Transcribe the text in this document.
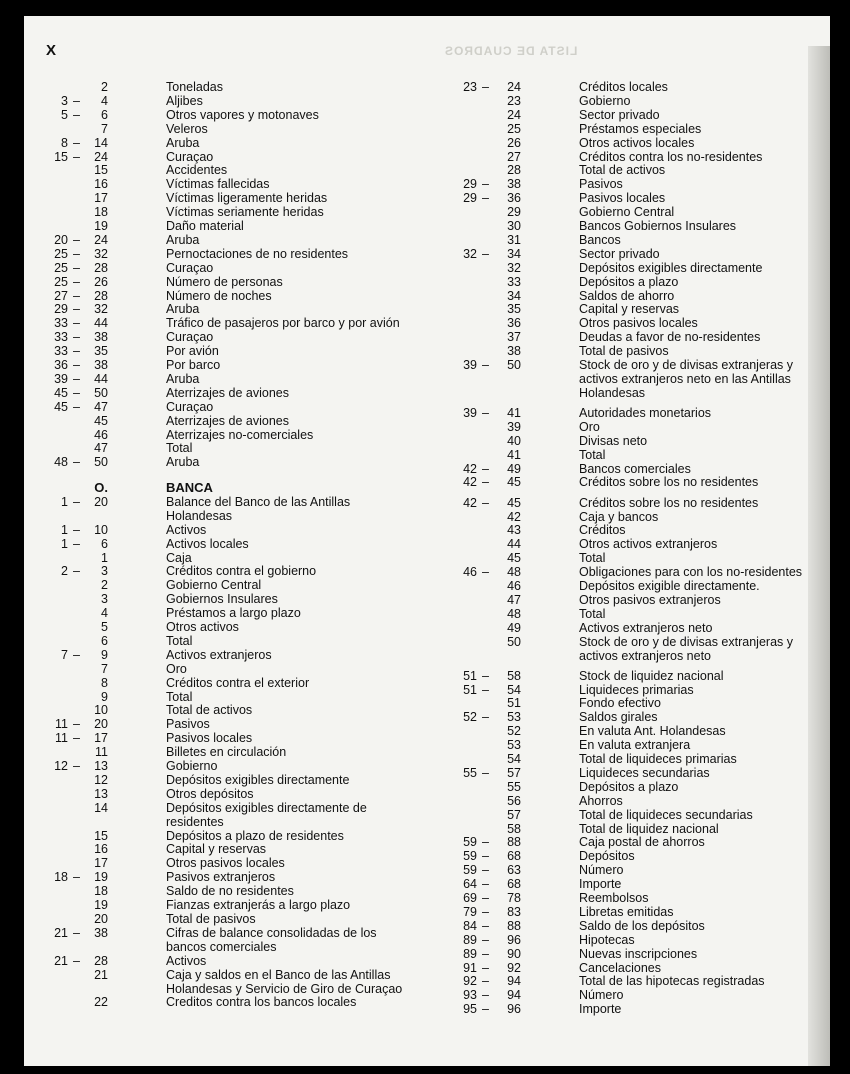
LISTA DE CUADROS
X
2	Toneladas
3 –	4	Aljibes
5 –	6	Otros vapores y motonaves
7	Veleros
8 –	14	Aruba
15 –	24	Curaçao
15	Accidentes
16	Víctimas fallecidas
17	Víctimas ligeramente heridas
18	Víctimas seriamente heridas
19	Daño material
20 –	24	Aruba
25 –	32	Pernoctaciones de no residentes
25 –	28	Curaçao
25 –	26	Número de personas
27 –	28	Número de noches
29 –	32	Aruba
33 –	44	Tráfico de pasajeros por barco y por avión
33 –	38	Curaçao
33 –	35	Por avión
36 –	38	Por barco
39 –	44	Aruba
45 –	50	Aterrizajes de aviones
45 –	47	Curaçao
45	Aterrizajes de aviones
46	Aterrizajes no-comerciales
47	Total
48 –	50	Aruba
O.	BANCA
1 –	20	Balance del Banco de las Antillas Holandesas
1 –	10	Activos
1 –	6	Activos locales
1	Caja
2 –	3	Créditos contra el gobierno
2	Gobierno Central
3	Gobiernos Insulares
4	Préstamos a largo plazo
5	Otros activos
6	Total
7 –	9	Activos extranjeros
7	Oro
8	Créditos contra el exterior
9	Total
10	Total de activos
11 –	20	Pasivos
11 –	17	Pasivos locales
11	Billetes en circulación
12 –	13	Gobierno
12	Depósitos exigibles directamente
13	Otros depósitos
14	Depósitos exigibles directamente de residentes
15	Depósitos a plazo de residentes
16	Capital y reservas
17	Otros pasivos locales
18 –	19	Pasivos extranjeros
18	Saldo de no residentes
19	Fianzas extranjerás a largo plazo
20	Total de pasivos
21 –	38	Cifras de balance consolidadas de los bancos comerciales
21 –	28	Activos
21	Caja y saldos en el Banco de las Antillas Holandesas y Servicio de Giro de Curaçao
22	Creditos contra los bancos locales
23 –	24	Créditos locales
23	Gobierno
24	Sector privado
25	Préstamos especiales
26	Otros activos locales
27	Créditos contra los no-residentes
28	Total de activos
29 –	38	Pasivos
29 –	36	Pasivos locales
29	Gobierno Central
30	Bancos Gobiernos Insulares
31	Bancos
32 –	34	Sector privado
32	Depósitos exigibles directamente
33	Depósitos a plazo
34	Saldos de ahorro
35	Capital y reservas
36	Otros pasivos locales
37	Deudas a favor de no-residentes
38	Total de pasivos
39 –	50	Stock de oro y de divisas extranjeras y activos extranjeros neto en las Antillas Holandesas
39 –	41	Autoridades monetarios
39	Oro
40	Divisas neto
41	Total
42 –	49	Bancos comerciales
42 –	45	Créditos sobre los no residentes
42 –	45	Créditos sobre los no residentes
42	Caja y bancos
43	Créditos
44	Otros activos extranjeros
45	Total
46 –	48	Obligaciones para con los no-residentes
46	Depósitos exigible directamente.
47	Otros pasivos extranjeros
48	Total
49	Activos extranjeros neto
50	Stock de oro y de divisas extranjeras y activos extranjeros neto
51 –	58	Stock de liquidez nacional
51 –	54	Liquideces primarias
51	Fondo efectivo
52 –	53	Saldos girales
52	En valuta Ant. Holandesas
53	En valuta extranjera
54	Total de liquideces primarias
55 –	57	Liquideces secundarias
55	Depósitos a plazo
56	Ahorros
57	Total de liquideces secundarias
58	Total de liquidez nacional
59 –	88	Caja postal de ahorros
59 –	68	Depósitos
59 –	63	Número
64 –	68	Importe
69 –	78	Reembolsos
79 –	83	Libretas emitidas
84 –	88	Saldo de los depósitos
89 –	96	Hipotecas
89 –	90	Nuevas inscripciones
91 –	92	Cancelaciones
92 –	94	Total de las hipotecas registradas
93 –	94	Número
95 –	96	Importe
